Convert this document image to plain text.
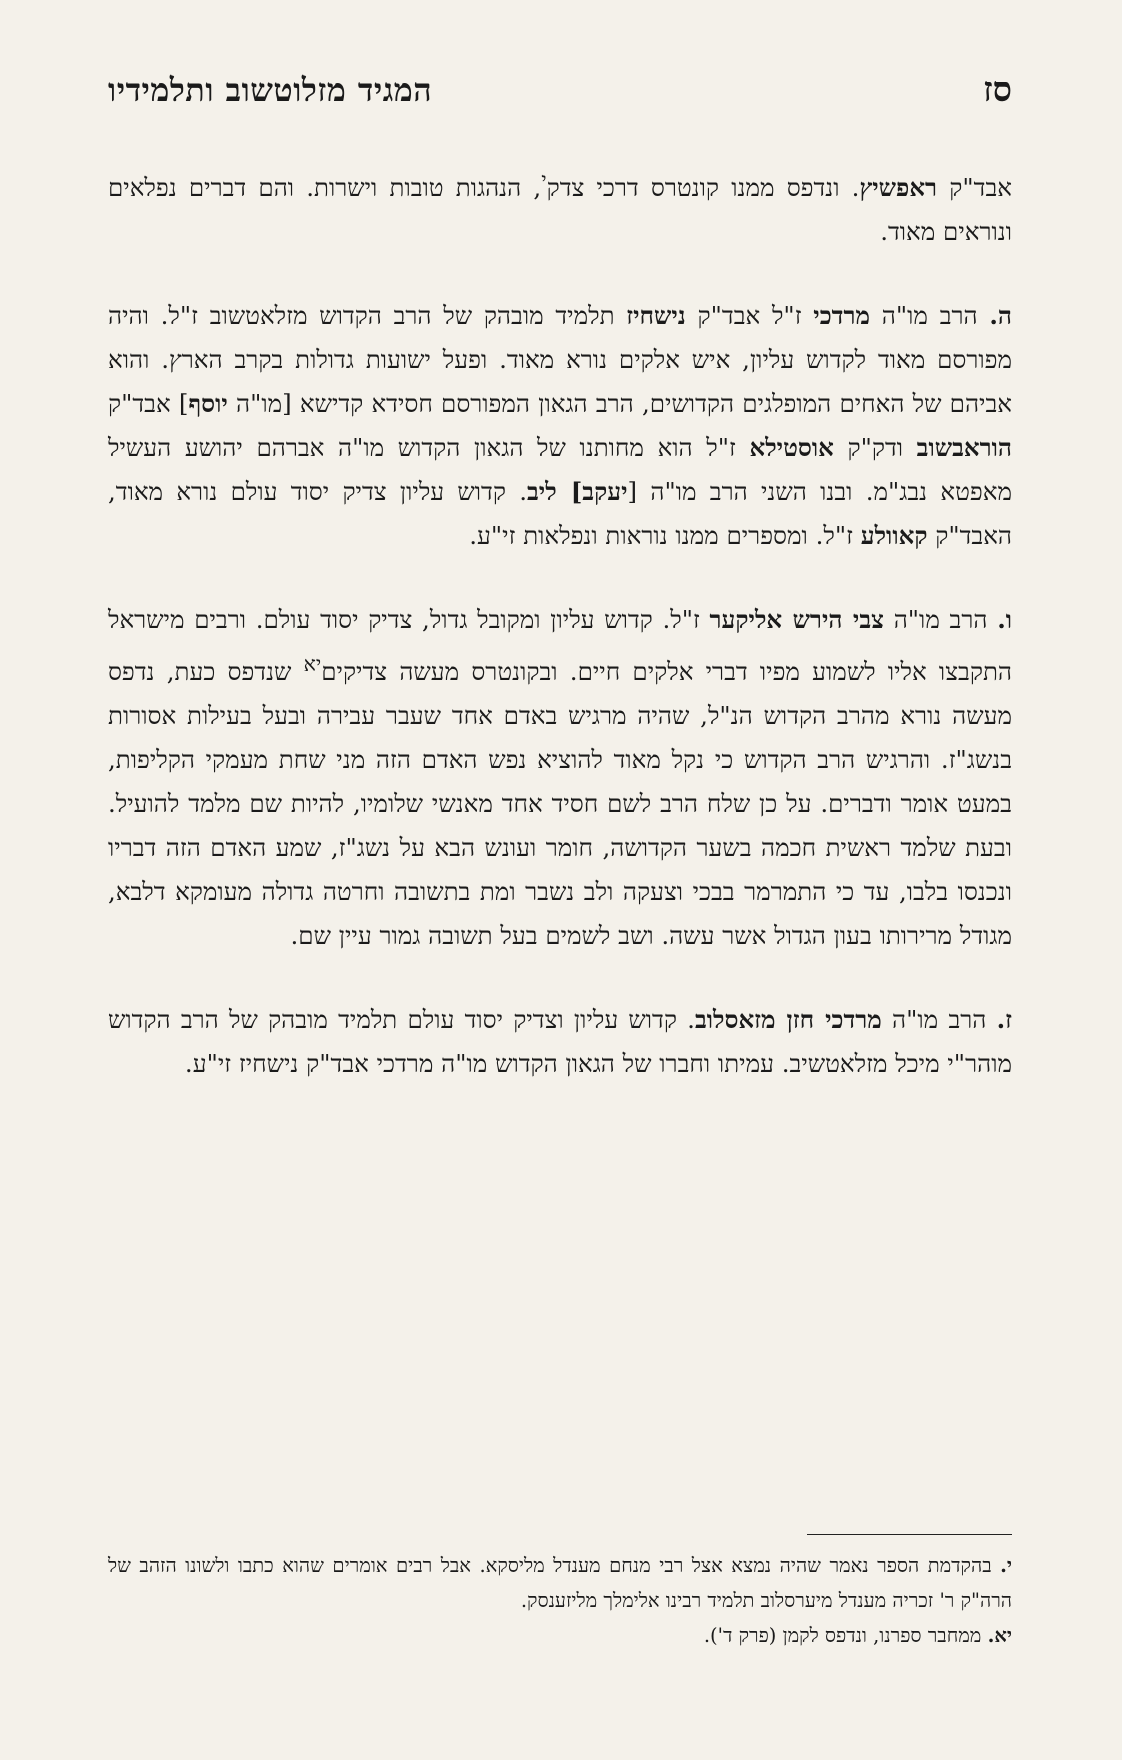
סז
המגיד מזלוטשוב ותלמידיו

אבד"ק ראפשיץ. ונדפס ממנו קונטרס דרכי צדק$^י$, הנהגות טובות וישרות. והם דברים נפלאים ונוראים מאוד.

ה. הרב מו"ה מרדכי ז"ל אבד"ק נישחיז תלמיד מובהק של הרב הקדוש מזלאטשוב ז"ל. והיה מפורסם מאוד לקדוש עליון, איש אלקים נורא מאוד. ופעל ישועות גדולות בקרב הארץ. והוא אביהם של האחים המופלגים הקדושים, הרב הגאון המפורסם חסידא קדישא [מו"ה יוסף] אבד"ק הוראבשוב ודק"ק אוסטילא ז"ל הוא מחותנו של הגאון הקדוש מו"ה אברהם יהושע העשיל מאפטא נבג"מ. ובנו השני הרב מו"ה [יעקב] ליב. קדוש עליון צדיק יסוד עולם נורא מאוד, האבד"ק קאוולע ז"ל. ומספרים ממנו נוראות ונפלאות זי"ע.

ו. הרב מו"ה צבי הירש אליקער ז"ל. קדוש עליון ומקובל גדול, צדיק יסוד עולם. ורבים מישראל התקבצו אליו לשמוע מפיו דברי אלקים חיים. ובקונטרס מעשה צדיקים$^{יא}$ שנדפס כעת, נדפס מעשה נורא מהרב הקדוש הנ"ל, שהיה מרגיש באדם אחד שעבר עבירה ובעל בעילות אסורות בנשג"ז. והרגיש הרב הקדוש כי נקל מאוד להוציא נפש האדם הזה מני שחת מעמקי הקליפות, במעט אומר ודברים. על כן שלח הרב לשם חסיד אחד מאנשי שלומיו, להיות שם מלמד להועיל. ובעת שלמד ראשית חכמה בשער הקדושה, חומר ועונש הבא על נשג"ז, שמע האדם הזה דבריו ונכנסו בלבו, עד כי התמרמר בבכי וצעקה ולב נשבר ומת בתשובה וחרטה גדולה מעומקא דלבא, מגודל מרירותו בעון הגדול אשר עשה. ושב לשמים בעל תשובה גמור עיין שם.

ז. הרב מו"ה מרדכי חזן מזאסלוב. קדוש עליון וצדיק יסוד עולם תלמיד מובהק של הרב הקדוש מוהר"י מיכל מזלאטשיב. עמיתו וחברו של הגאון הקדוש מו"ה מרדכי אבד"ק נישחיז זי"ע.

י. בהקדמת הספר נאמר שהיה נמצא אצל רבי מנחם מענדל מליסקא. אבל רבים אומרים שהוא כתבו ולשונו הזהב של הרה"ק ר' זכריה מענדל מיערסלוב תלמיד רבינו אלימלך מליזענסק.

יא. ממחבר ספרנו, ונדפס לקמן (פרק ד').
